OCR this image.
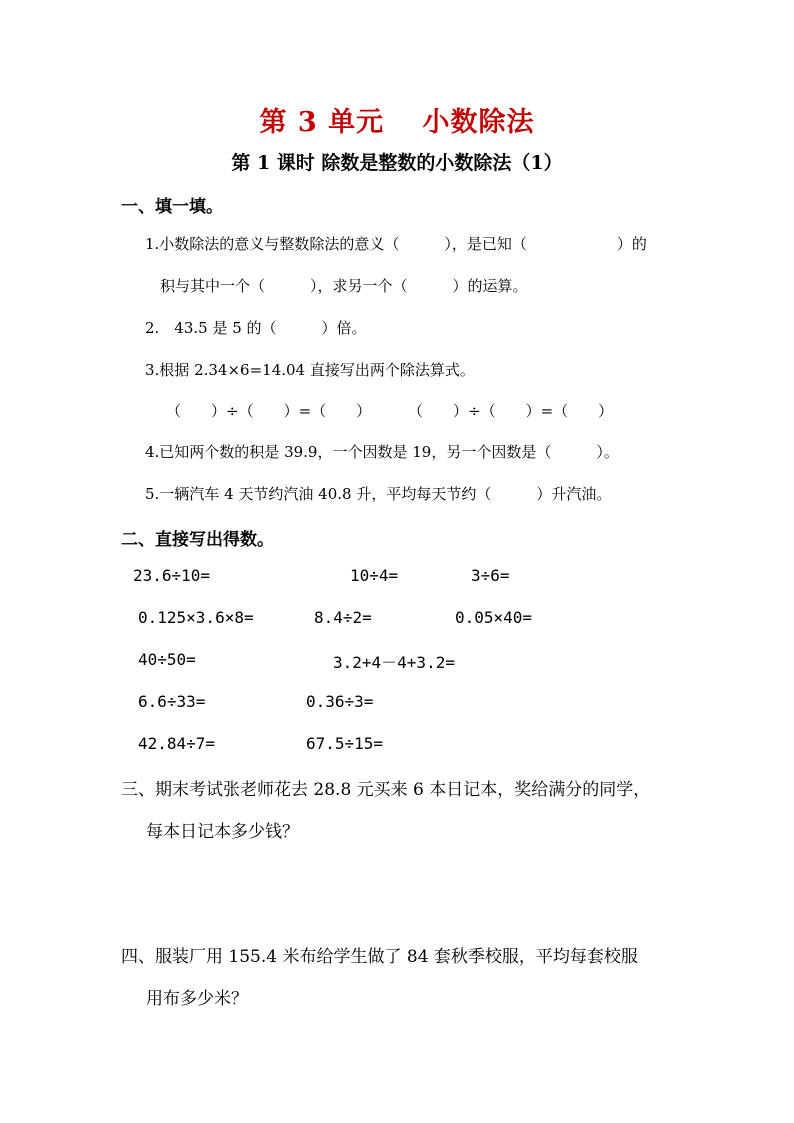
第 3 单元　 小数除法
第 1 课时 除数是整数的小数除法（1）
一、填一填。
1.小数除法的意义与整数除法的意义（　　　），是已知（　　　　　　）的
积与其中一个（　　　），求另一个（　　　）的运算。
2.　43.5 是 5 的（　　　）倍。
3.根据 2.34×6=14.04 直接写出两个除法算式。
（　　）÷（　　）=（　　） （　　）÷（　　）=（　　）
4.已知两个数的积是 39.9，一个因数是 19，另一个因数是（　　　）。
5.一辆汽车 4 天节约汽油 40.8 升，平均每天节约（　　　）升汽油。
二、直接写出得数。
23.6÷10=	10÷4=	3÷6=
0.125×3.6×8=	8.4÷2=	0.05×40=
40÷50=	3.2+4－4+3.2=
6.6÷33=	0.36÷3=
42.84÷7=	67.5÷15=
三、期末考试张老师花去 28.8 元买来 6 本日记本，奖给满分的同学，
每本日记本多少钱？
四、服装厂用 155.4 米布给学生做了 84 套秋季校服，平均每套校服
用布多少米？
